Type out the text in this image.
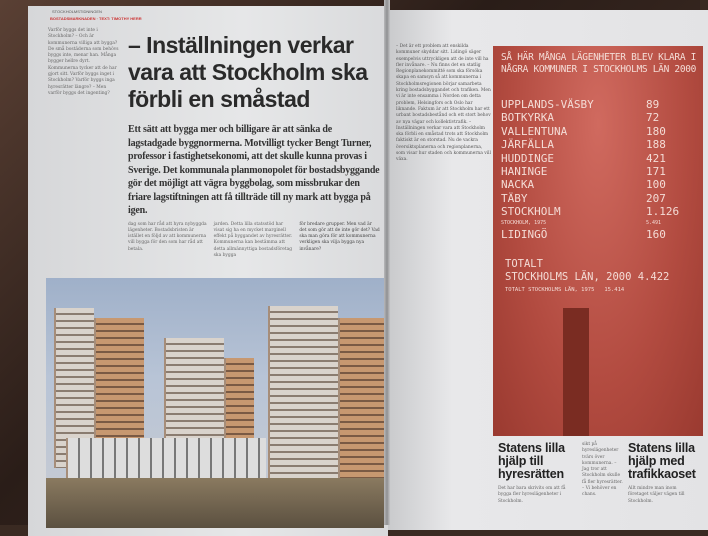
STOCKHOLMSTIDNINGEN
BOSTADSMARKNADEN · TEXT: TIMOTHY HERR
Varför byggs det inte i Stockholm? – Och är kommunerna villiga att bygga? De små bostäderna som behövs byggs inte, menar han. Många bygger hellre dyrt. Kommunerna tycker att de har gjort sitt. Varför byggs inget i Stockholm? Varför byggs inga hyresrätter längre? – Men varför byggs det ingenting?
– Inställningen verkar vara att Stockholm ska förbli en småstad
Ett sätt att bygga mer och billigare är att sänka de lagstadgade byggnormerna. Motvilligt tycker Bengt Turner, professor i fastighetsekonomi, att det skulle kunna provas i Sverige. Det kommunala planmonopolet för bostadsbyggande gör det möjligt att vägra byggbolag, som missbrukar den friare lagstiftningen att få tillträde till ny mark att bygga på igen.
dag som har råd att hyra nybyggda lägenheter. Bostadsbristen är istället en följd av att kommunerna vill bygga för den som har råd att betala.
jarden. Detta lilla statsstöd har visat sig ha en mycket marginell effekt på byggandet av hyresrätter. Kommunerna kan bestämma att detta allmännyttiga bostadsföretag ska bygga
för bredare grupper. Men vad är det som gör att de inte gör det? Vad ska man göra för att kommunerna verkligen ska vilja bygga nya invånare?
– Det är ett problem att enskilda kommuner skyddar sitt. Lidingö säger exempelvis uttryckligen att de inte vill ha fler invånare. – Nu finns det en statlig Regionplanekommitté som ska försöka skapa en samsyn så att kommunerna i Stockholmsregionen börjar samarbeta kring bostadsbyggandet och trafiken. Men vi är inte ensamma i Norden om detta problem, Helsingfors och Oslo har liknande. Faktum är att Stockholm har ett urbant bostadsbestånd och ett stort behov av nya vägar och kollektivtrafik. – Inställningen verkar vara att Stockholm ska förbli en småstad trots att Stockholm faktiskt är en storstad. Nu de vackra översiktsplanerna och regionplanerna, som visar hur staden och kommunerna vill växa.
SÅ HÄR MÅNGA LÄGENHETER BLEV KLARA I NÅGRA KOMMUNER I STOCKHOLMS LÄN 2000
UPPLANDS-VÄSBY	89
BOTKYRKA	72
VALLENTUNA	180
JÄRFÄLLA	188
HUDDINGE	421
HANINGE	171
NACKA	100
TÄBY	207
STOCKHOLM	1.126
STOCKHOLM, 1975	5.491
LIDINGÖ	160
TOTALT
STOCKHOLMS LÄN, 2000 4.422
TOTALT STOCKHOLMS LÄN, 1975 15.414
Statens lilla hjälp till hyresrätten
Det har bara skrivits om att få bygga fler hyreslägenheter i Stockholm.
sikt på hyreslägenheter tvärs över kommunerna. – Jag tror att Stockholm skulle få fler hyresrätter. – Vi behöver en chans.
Statens lilla hjälp med trafikkaoset
Allt mindre man inom företaget väljer vägen till Stockholm.
